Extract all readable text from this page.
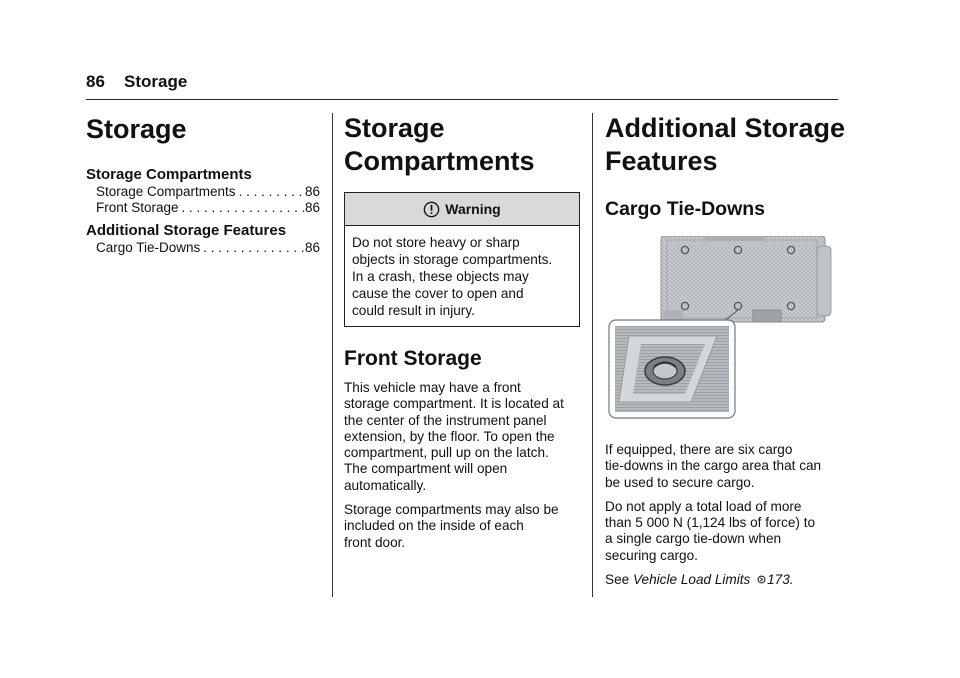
86 Storage
Storage
Storage Compartments
Storage Compartments . . .	86
Front Storage . . .	86
Additional Storage Features
Cargo Tie-Downs . . .	86
Storage
Compartments
Warning
Do not store heavy or sharp
objects in storage compartments.
In a crash, these objects may
cause the cover to open and
could result in injury.
Front Storage

This vehicle may have a front
storage compartment. It is located at
the center of the instrument panel
extension, by the floor. To open the
compartment, pull up on the latch.
The compartment will open
automatically.

Storage compartments may also be
included on the inside of each
front door.

Additional Storage
Features
Cargo Tie-Downs

If equipped, there are six cargo
tie-downs in the cargo area that can
be used to secure cargo.

Do not apply a total load of more
than 5 000 N (1,124 lbs of force) to
a single cargo tie-down when
securing cargo.

See Vehicle Load Limits 173.
